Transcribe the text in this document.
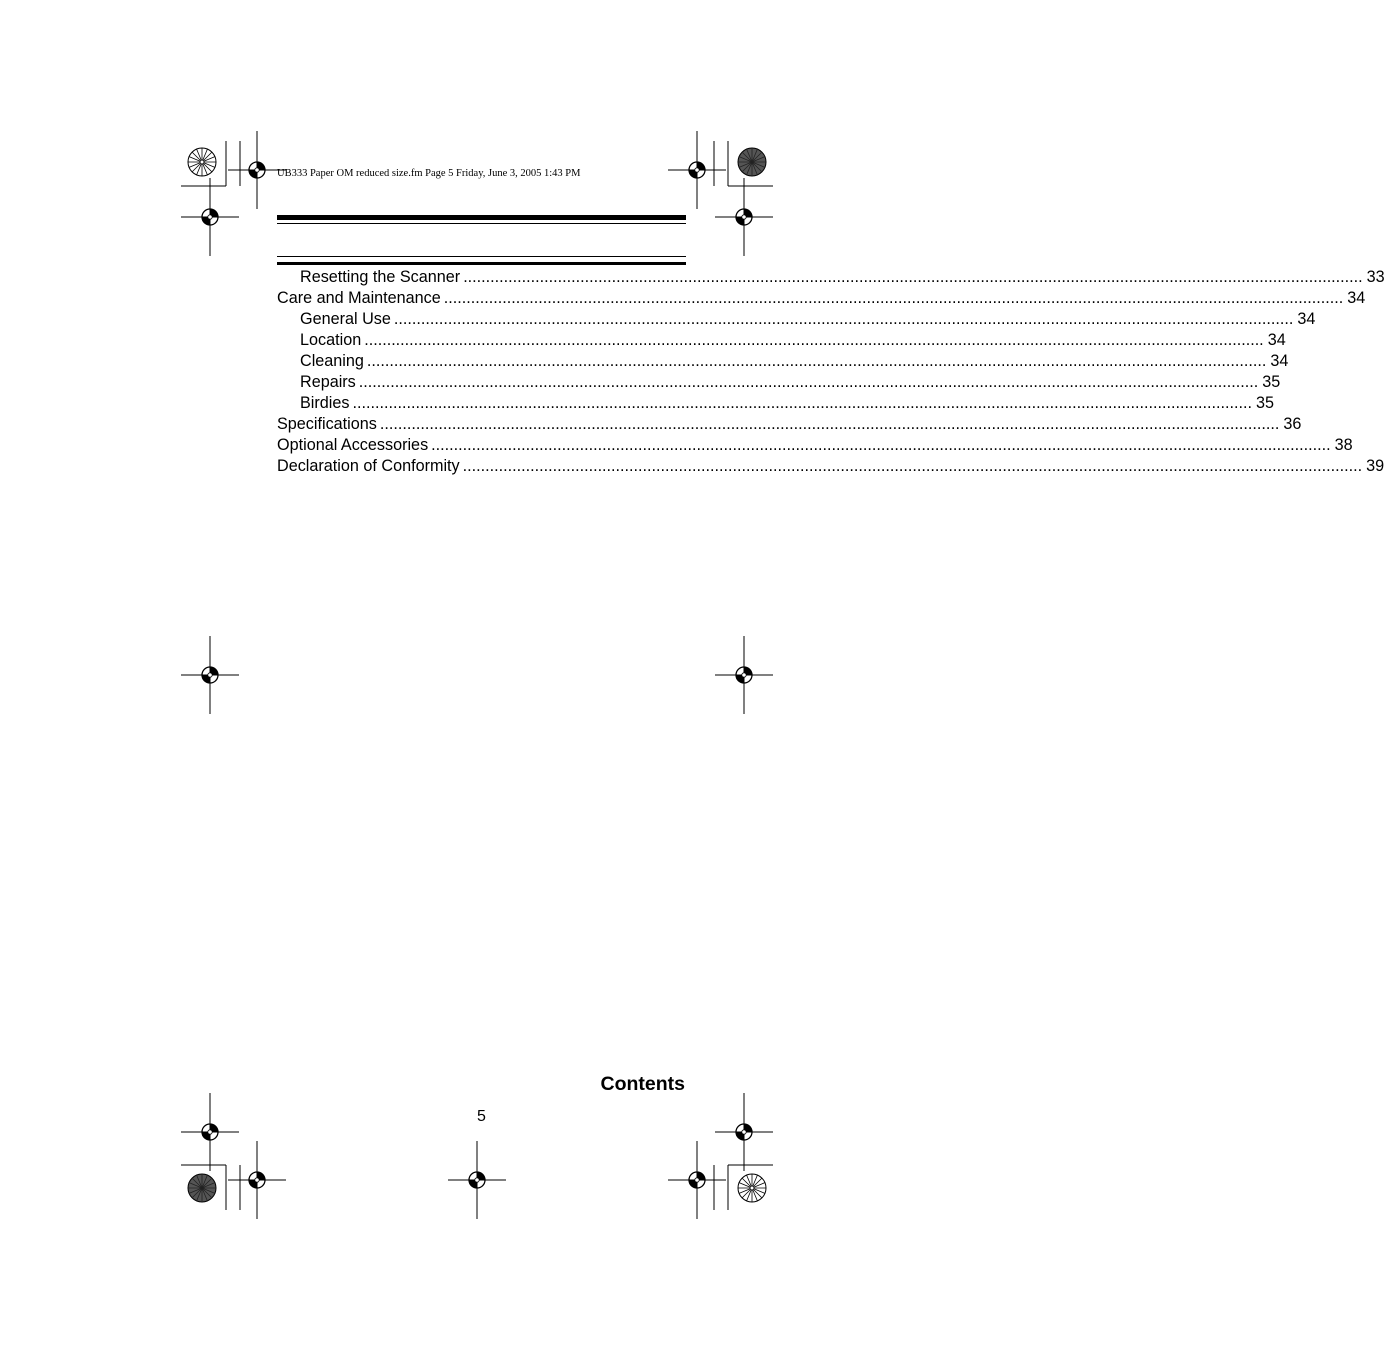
UB333 Paper OM reduced size.fm Page 5 Friday, June 3, 2005 1:43 PM
Resetting the Scanner ........................................................................................................................................................................................................ 33
Care and Maintenance ........................................................................................................................................................................................................ 34
General Use ........................................................................................................................................................................................................ 34
Location ........................................................................................................................................................................................................ 34
Cleaning ........................................................................................................................................................................................................ 34
Repairs ........................................................................................................................................................................................................ 35
Birdies ........................................................................................................................................................................................................ 35
Specifications ........................................................................................................................................................................................................ 36
Optional Accessories ........................................................................................................................................................................................................ 38
Declaration of Conformity ........................................................................................................................................................................................................ 39
Contents
5
